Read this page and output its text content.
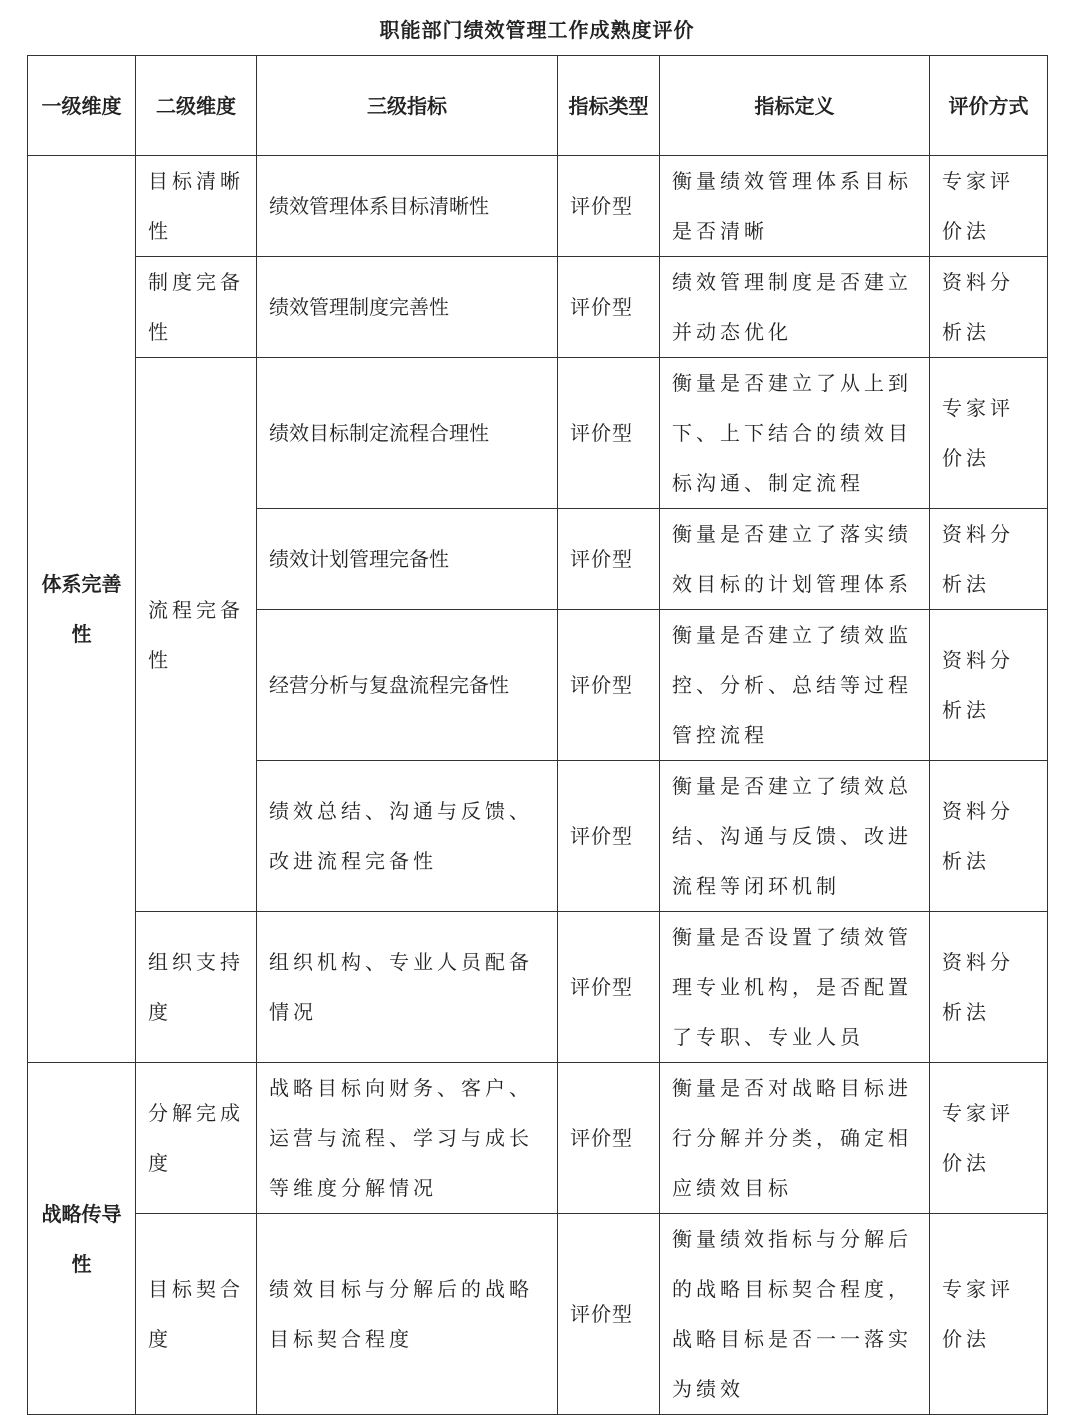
职能部门绩效管理工作成熟度评价
一级维度	二级维度	三级指标	指标类型	指标定义	评价方式
体系完善性	目标清晰性	绩效管理体系目标清晰性	评价型	衡量绩效管理体系目标是否清晰	专家评价法
	制度完备性	绩效管理制度完善性	评价型	绩效管理制度是否建立并动态优化	资料分析法
	流程完备性	绩效目标制定流程合理性	评价型	衡量是否建立了从上到下、上下结合的绩效目标沟通、制定流程	专家评价法
		绩效计划管理完备性	评价型	衡量是否建立了落实绩效目标的计划管理体系	资料分析法
		经营分析与复盘流程完备性	评价型	衡量是否建立了绩效监控、分析、总结等过程管控流程	资料分析法
		绩效总结、沟通与反馈、改进流程完备性	评价型	衡量是否建立了绩效总结、沟通与反馈、改进流程等闭环机制	资料分析法
	组织支持度	组织机构、专业人员配备情况	评价型	衡量是否设置了绩效管理专业机构，是否配置了专职、专业人员	资料分析法
战略传导性	分解完成度	战略目标向财务、客户、运营与流程、学习与成长等维度分解情况	评价型	衡量是否对战略目标进行分解并分类，确定相应绩效目标	专家评价法
	目标契合度	绩效目标与分解后的战略目标契合程度	评价型	衡量绩效指标与分解后的战略目标契合程度，战略目标是否一一落实为绩效	专家评价法
